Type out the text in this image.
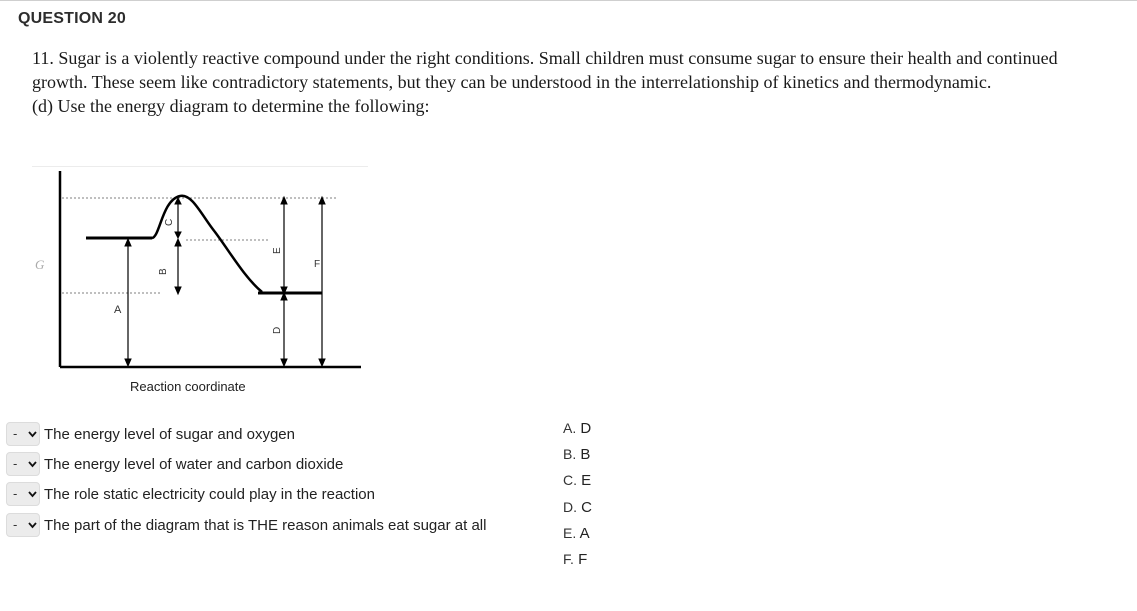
QUESTION 20

11. Sugar is a violently reactive compound under the right conditions. Small children must consume sugar to ensure their health and continued growth. These seem like contradictory statements, but they can be understood in the interrelationship of kinetics and thermodynamic.

(d) Use the energy diagram to determine the following:

G
A
B
C
D
E
F
Reaction coordinate
- The energy level of sugar and oxygen
- The energy level of water and carbon dioxide
- The role static electricity could play in the reaction
- The part of the diagram that is THE reason animals eat sugar at all
A. D
B. B
C. E
D. C
E. A
F. F
